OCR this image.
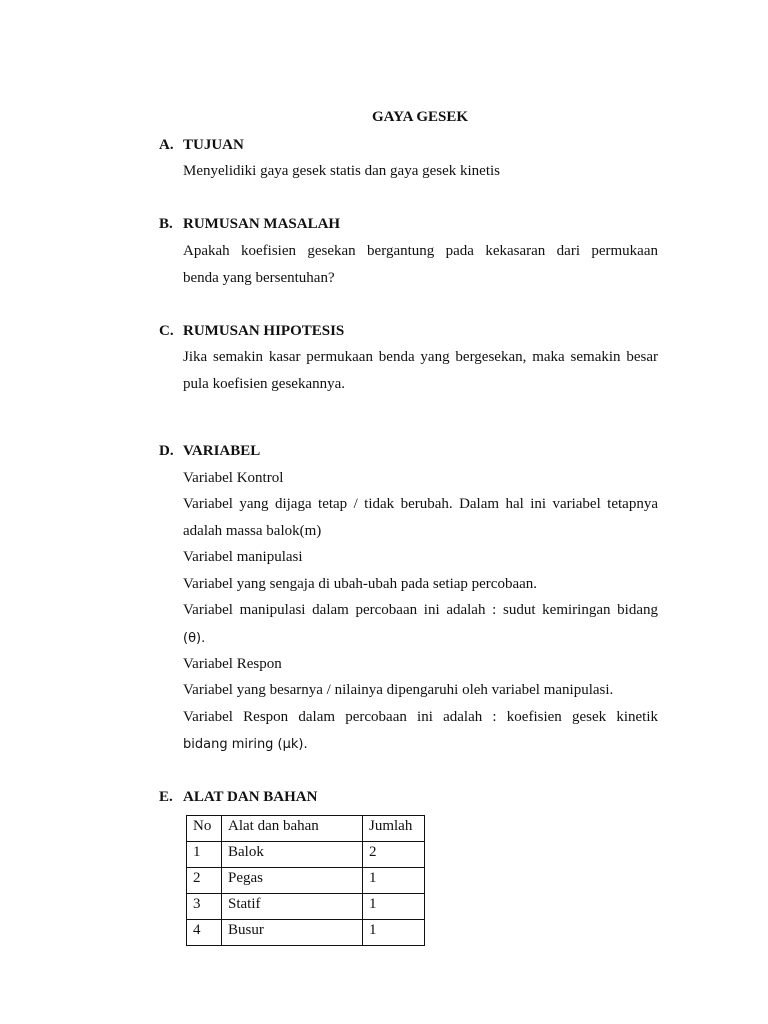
GAYA GESEK
A. TUJUAN
Menyelidiki gaya gesek statis dan gaya gesek kinetis
B. RUMUSAN MASALAH
Apakah koefisien gesekan bergantung pada kekasaran dari permukaan
benda yang bersentuhan?
C. RUMUSAN HIPOTESIS
Jika semakin kasar permukaan benda yang bergesekan, maka semakin besar
pula koefisien gesekannya.
D. VARIABEL
Variabel Kontrol
Variabel yang dijaga tetap / tidak berubah. Dalam hal ini variabel tetapnya
adalah massa balok(m)
Variabel manipulasi
Variabel yang sengaja di ubah-ubah pada setiap percobaan.
Variabel manipulasi dalam percobaan ini adalah : sudut kemiringan bidang
(θ).
Variabel Respon
Variabel yang besarnya / nilainya dipengaruhi oleh variabel manipulasi.
Variabel Respon dalam percobaan ini adalah : koefisien gesek kinetik
bidang miring (μk).
E. ALAT DAN BAHAN
No	Alat dan bahan	Jumlah
1	Balok	2
2	Pegas	1
3	Statif	1
4	Busur	1
